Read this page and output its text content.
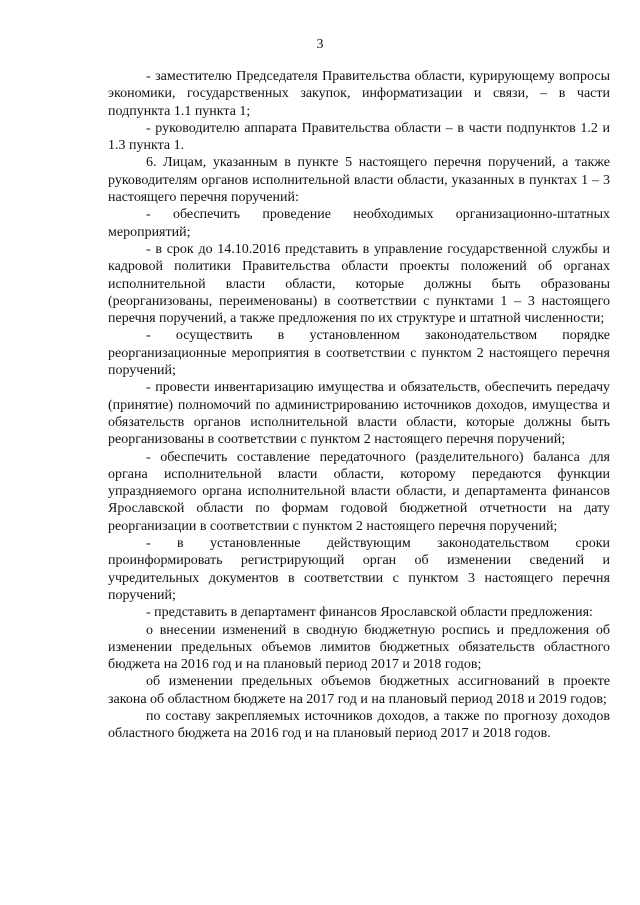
3

- заместителю Председателя Правительства области, курирующему вопросы экономики, государственных закупок, информатизации и связи, – в части подпункта 1.1 пункта 1;

- руководителю аппарата Правительства области – в части подпунктов 1.2 и 1.3 пункта 1.

6. Лицам, указанным в пункте 5 настоящего перечня поручений, а также руководителям органов исполнительной власти области, указанных в пунктах 1 – 3 настоящего перечня поручений:

- обеспечить проведение необходимых организационно-штатных мероприятий;

- в срок до 14.10.2016 представить в управление государственной службы и кадровой политики Правительства области проекты положений об органах исполнительной власти области, которые должны быть образованы (реорганизованы, переименованы) в соответствии с пунктами 1 – 3 настоящего перечня поручений, а также предложения по их структуре и штатной численности;

- осуществить в установленном законодательством порядке реорганизационные мероприятия в соответствии с пунктом 2 настоящего перечня поручений;

- провести инвентаризацию имущества и обязательств, обеспечить передачу (принятие) полномочий по администрированию источников доходов, имущества и обязательств органов исполнительной власти области, которые должны быть реорганизованы в соответствии с пунктом 2 настоящего перечня поручений;

- обеспечить составление передаточного (разделительного) баланса для органа исполнительной власти области, которому передаются функции упраздняемого органа исполнительной власти области, и департамента финансов Ярославской области по формам годовой бюджетной отчетности на дату реорганизации в соответствии с пунктом 2 настоящего перечня поручений;

- в установленные действующим законодательством сроки проинформировать регистрирующий орган об изменении сведений и учредительных документов в соответствии с пунктом 3 настоящего перечня поручений;

- представить в департамент финансов Ярославской области предложения:

о внесении изменений в сводную бюджетную роспись и предложения об изменении предельных объемов лимитов бюджетных обязательств областного бюджета на 2016 год и на плановый период 2017 и 2018 годов;

об изменении предельных объемов бюджетных ассигнований в проекте закона об областном бюджете на 2017 год и на плановый период 2018 и 2019 годов;

по составу закрепляемых источников доходов, а также по прогнозу доходов областного бюджета на 2016 год и на плановый период 2017 и 2018 годов.
